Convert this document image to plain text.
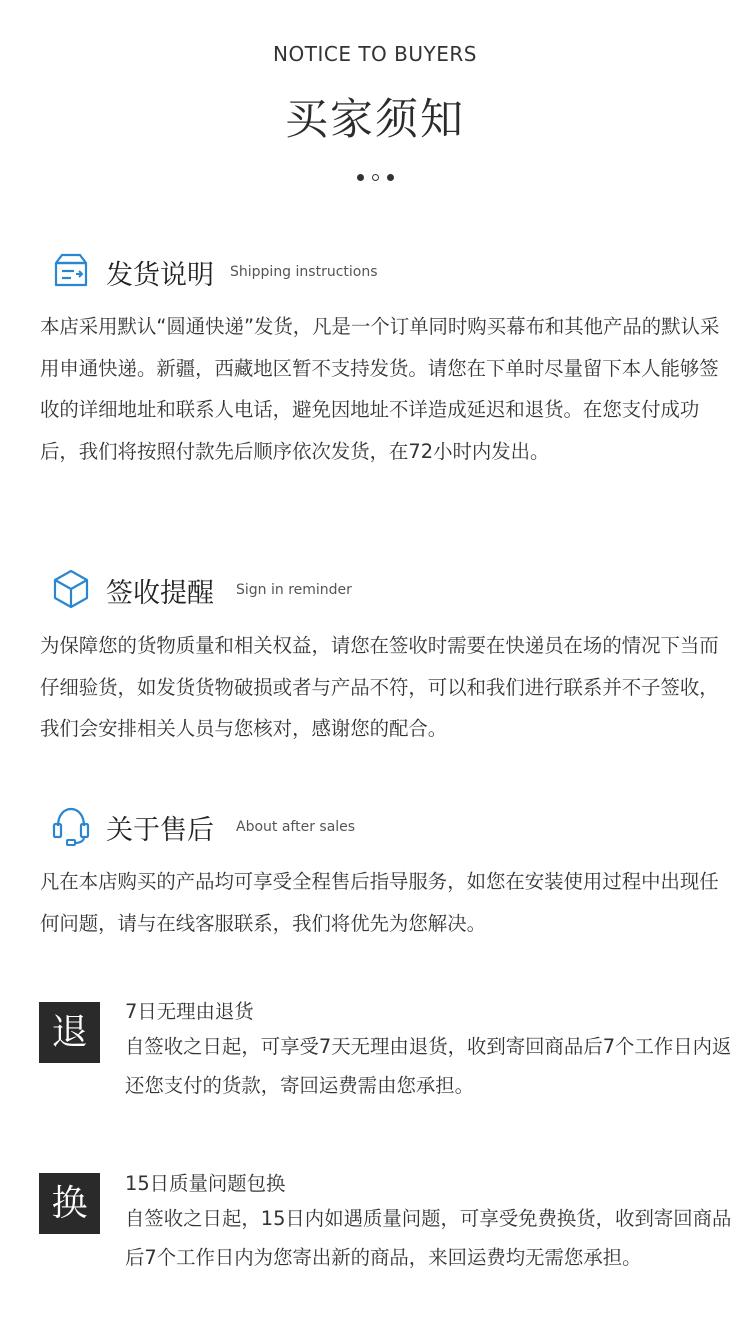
NOTICE TO BUYERS
买家须知
发货说明 Shipping instructions
本店采用默认“圆通快递”发货，凡是一个订单同时购买幕布和其他产品的默认采用申通快递。新疆，西藏地区暂不支持发货。请您在下单时尽量留下本人能够签收的详细地址和联系人电话，避免因地址不详造成延迟和退货。在您支付成功后，我们将按照付款先后顺序依次发货，在72小时内发出。
签收提醒 Sign in reminder
为保障您的货物质量和相关权益，请您在签收时需要在快递员在场的情况下当而仔细验货，如发货货物破损或者与产品不符，可以和我们进行联系并不子签收，我们会安排相关人员与您核对，感谢您的配合。
关于售后 About after sales
凡在本店购买的产品均可享受全程售后指导服务，如您在安装使用过程中出现任何问题，请与在线客服联系，我们将优先为您解决。
退
7日无理由退货
自签收之日起，可享受7天无理由退货，收到寄回商品后7个工作日内返还您支付的货款，寄回运费需由您承担。
换	15日质量问题包换
自签收之日起，15日内如遇质量问题，可享受免费换货，收到寄回商品后7个工作日内为您寄出新的商品，来回运费均无需您承担。
